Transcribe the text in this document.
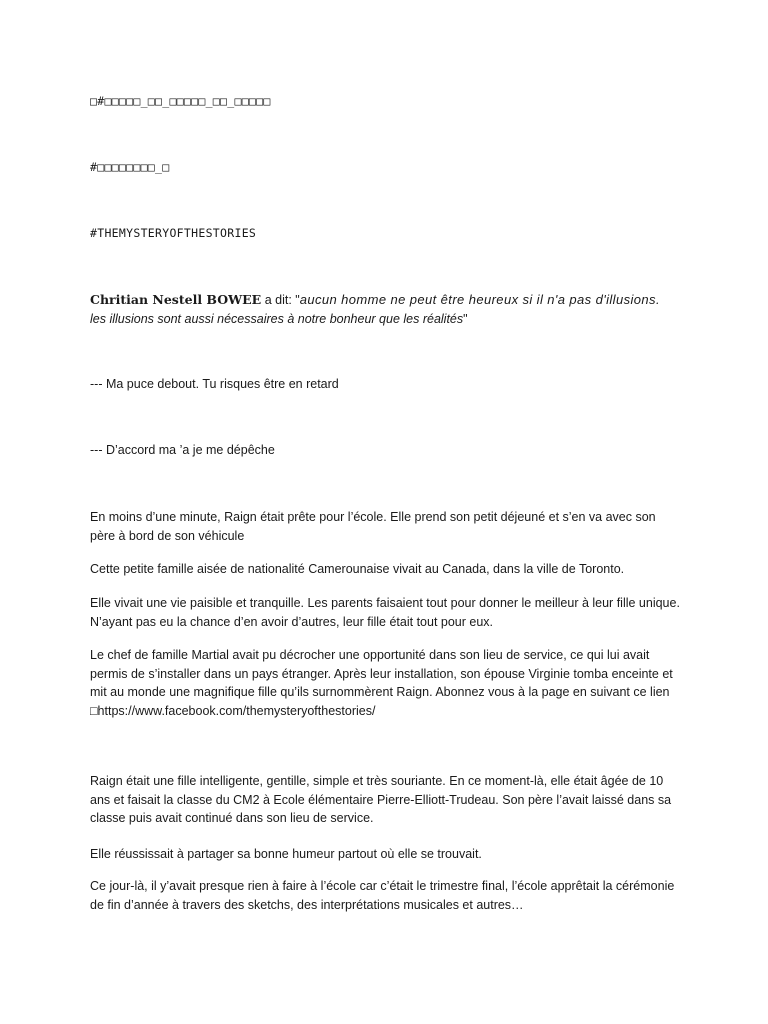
□#□□□□□_□□_□□□□□_□□_□□□□□
#□□□□□□□□_□
#THEMYSTERYOFTHESTORIES
Chritian Nestell BOWEE a dit: "aucun homme ne peut être heureux si il n'a pas d'illusions.
les illusions sont aussi nécessaires à notre bonheur que les réalités"
--- Ma puce debout. Tu risques être en retard
--- D’accord ma ’a je me dépêche
En moins d’une minute, Raign était prête pour l’école. Elle prend son petit déjeuné et s’en va avec son père à bord de son véhicule
Cette petite famille aisée de nationalité Camerounaise vivait au Canada, dans la ville de Toronto.
Elle vivait une vie paisible et tranquille. Les parents faisaient tout pour donner le meilleur à leur fille unique. N’ayant pas eu la chance d’en avoir d’autres, leur fille était tout pour eux.
Le chef de famille Martial avait pu décrocher une opportunité dans son lieu de service, ce qui lui avait permis de s’installer dans un pays étranger. Après leur installation, son épouse Virginie tomba enceinte et mit au monde une magnifique fille qu’ils surnommèrent Raign. Abonnez vous à la page en suivant ce lien □https://www.facebook.com/themysteryofthestories/
Raign était une fille intelligente, gentille, simple et très souriante. En ce moment-là, elle était âgée de 10 ans et faisait la classe du CM2 à Ecole élémentaire Pierre-Elliott-Trudeau. Son père l’avait laissé dans sa classe puis avait continué dans son lieu de service.
Elle réussissait à partager sa bonne humeur partout où elle se trouvait.
Ce jour-là, il y’avait presque rien à faire à l’école car c’était le trimestre final, l’école apprêtait la cérémonie de fin d’année à travers des sketchs, des interprétations musicales et autres…
